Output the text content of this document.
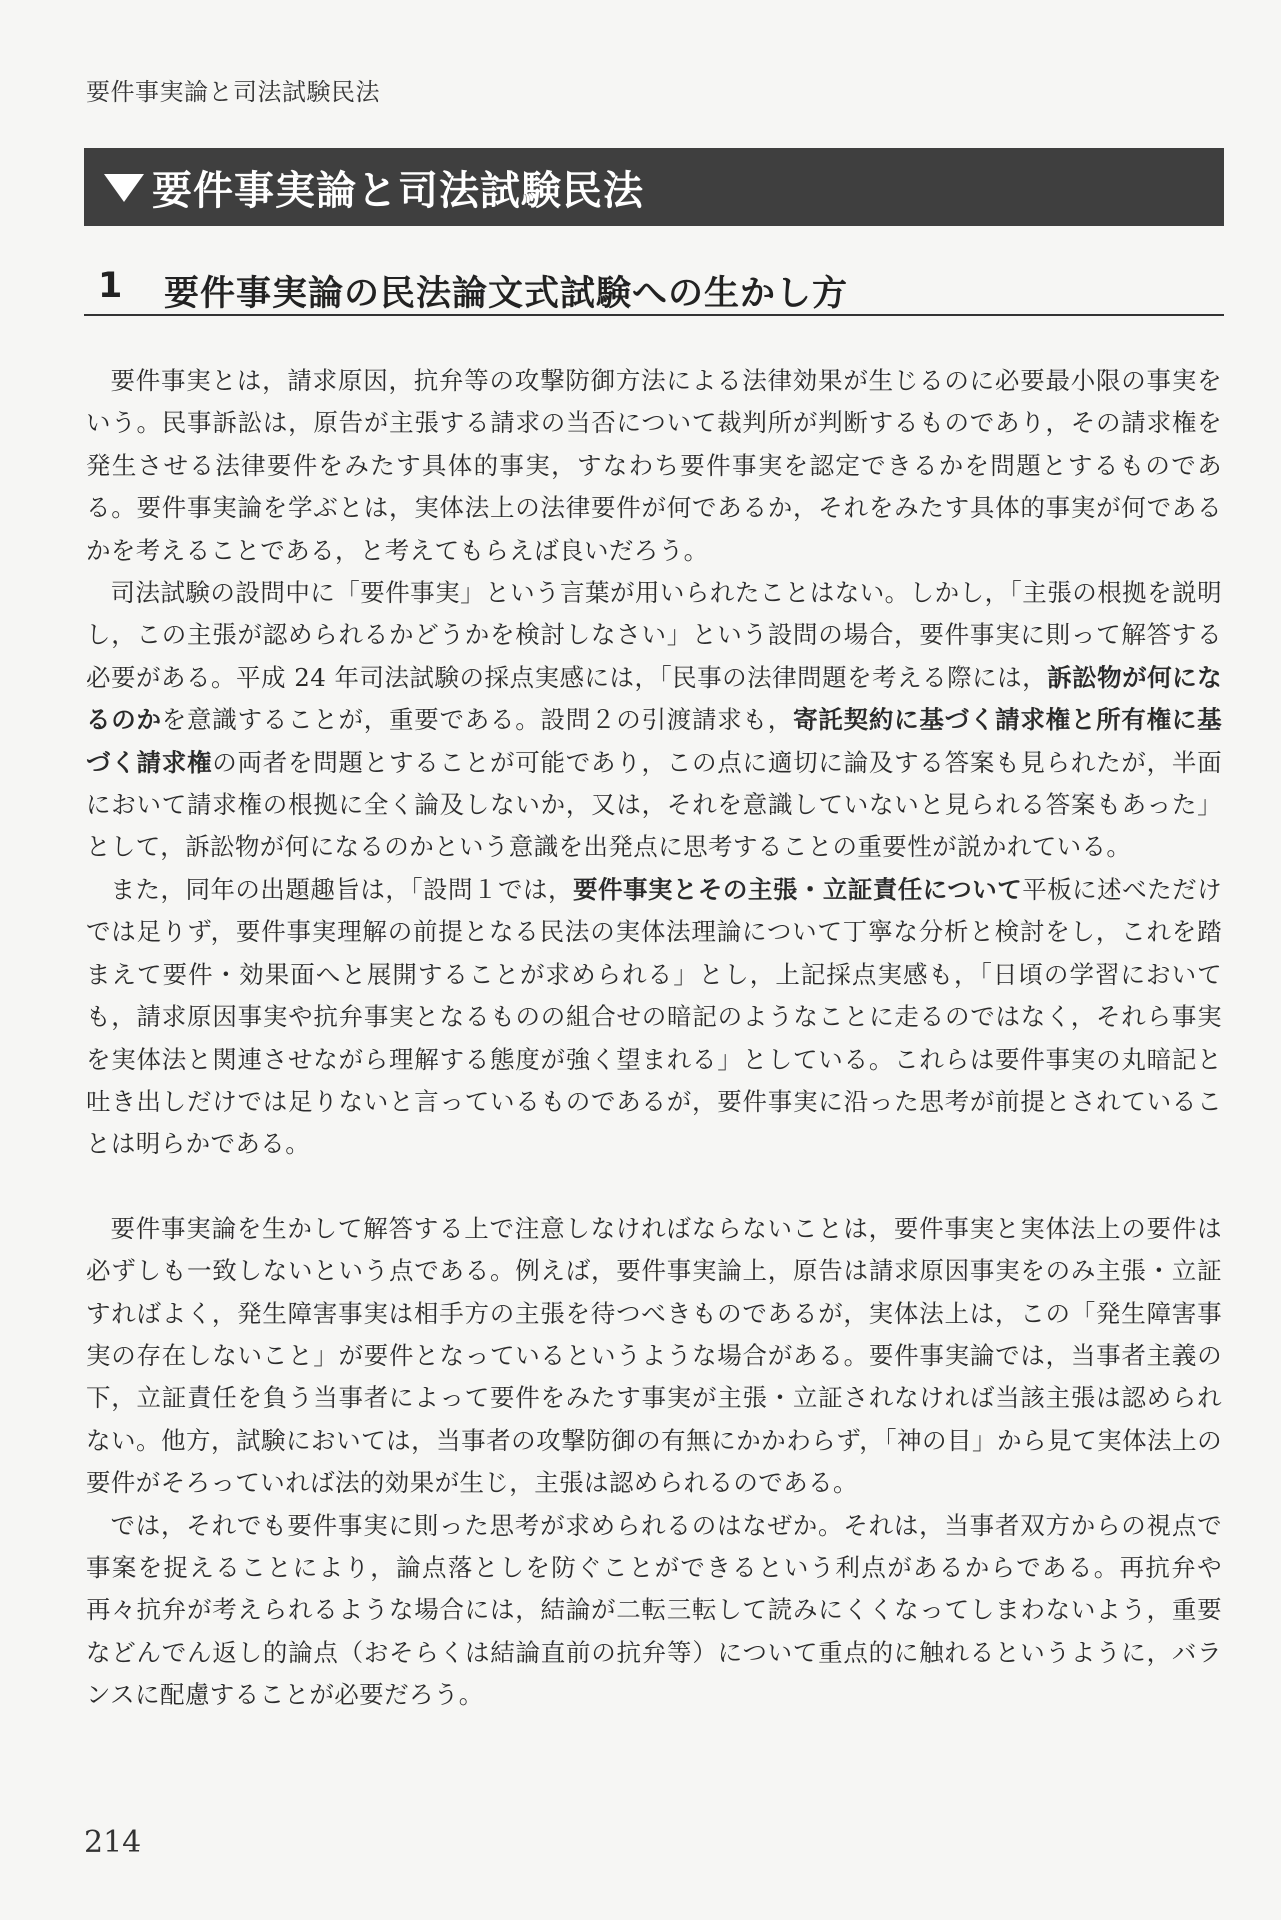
要件事実論と司法試験民法
要件事実論と司法試験民法
1 要件事実論の民法論文式試験への生かし方

要件事実とは，請求原因，抗弁等の攻撃防御方法による法律効果が生じるのに必要最小限の事実をいう。民事訴訟は，原告が主張する請求の当否について裁判所が判断するものであり，その請求権を発生させる法律要件をみたす具体的事実，すなわち要件事実を認定できるかを問題とするものである。要件事実論を学ぶとは，実体法上の法律要件が何であるか，それをみたす具体的事実が何であるかを考えることである，と考えてもらえば良いだろう。

司法試験の設問中に「要件事実」という言葉が用いられたことはない。しかし，「主張の根拠を説明し，この主張が認められるかどうかを検討しなさい」という設問の場合，要件事実に則って解答する必要がある。平成 24 年司法試験の採点実感には，「民事の法律問題を考える際には，訴訟物が何になるのかを意識することが，重要である。設問２の引渡請求も，寄託契約に基づく請求権と所有権に基づく請求権の両者を問題とすることが可能であり，この点に適切に論及する答案も見られたが，半面において請求権の根拠に全く論及しないか，又は，それを意識していないと見られる答案もあった」として，訴訟物が何になるのかという意識を出発点に思考することの重要性が説かれている。

また，同年の出題趣旨は，「設問１では，要件事実とその主張・立証責任について平板に述べただけでは足りず，要件事実理解の前提となる民法の実体法理論について丁寧な分析と検討をし，これを踏まえて要件・効果面へと展開することが求められる」とし，上記採点実感も，「日頃の学習においても，請求原因事実や抗弁事実となるものの組合せの暗記のようなことに走るのではなく，それら事実を実体法と関連させながら理解する態度が強く望まれる」としている。これらは要件事実の丸暗記と吐き出しだけでは足りないと言っているものであるが，要件事実に沿った思考が前提とされていることは明らかである。

要件事実論を生かして解答する上で注意しなければならないことは，要件事実と実体法上の要件は必ずしも一致しないという点である。例えば，要件事実論上，原告は請求原因事実をのみ主張・立証すればよく，発生障害事実は相手方の主張を待つべきものであるが，実体法上は，この「発生障害事実の存在しないこと」が要件となっているというような場合がある。要件事実論では，当事者主義の下，立証責任を負う当事者によって要件をみたす事実が主張・立証されなければ当該主張は認められない。他方，試験においては，当事者の攻撃防御の有無にかかわらず，「神の目」から見て実体法上の要件がそろっていれば法的効果が生じ，主張は認められるのである。

では，それでも要件事実に則った思考が求められるのはなぜか。それは，当事者双方からの視点で事案を捉えることにより，論点落としを防ぐことができるという利点があるからである。再抗弁や再々抗弁が考えられるような場合には，結論が二転三転して読みにくくなってしまわないよう，重要などんでん返し的論点（おそらくは結論直前の抗弁等）について重点的に触れるというように，バランスに配慮することが必要だろう。

214
